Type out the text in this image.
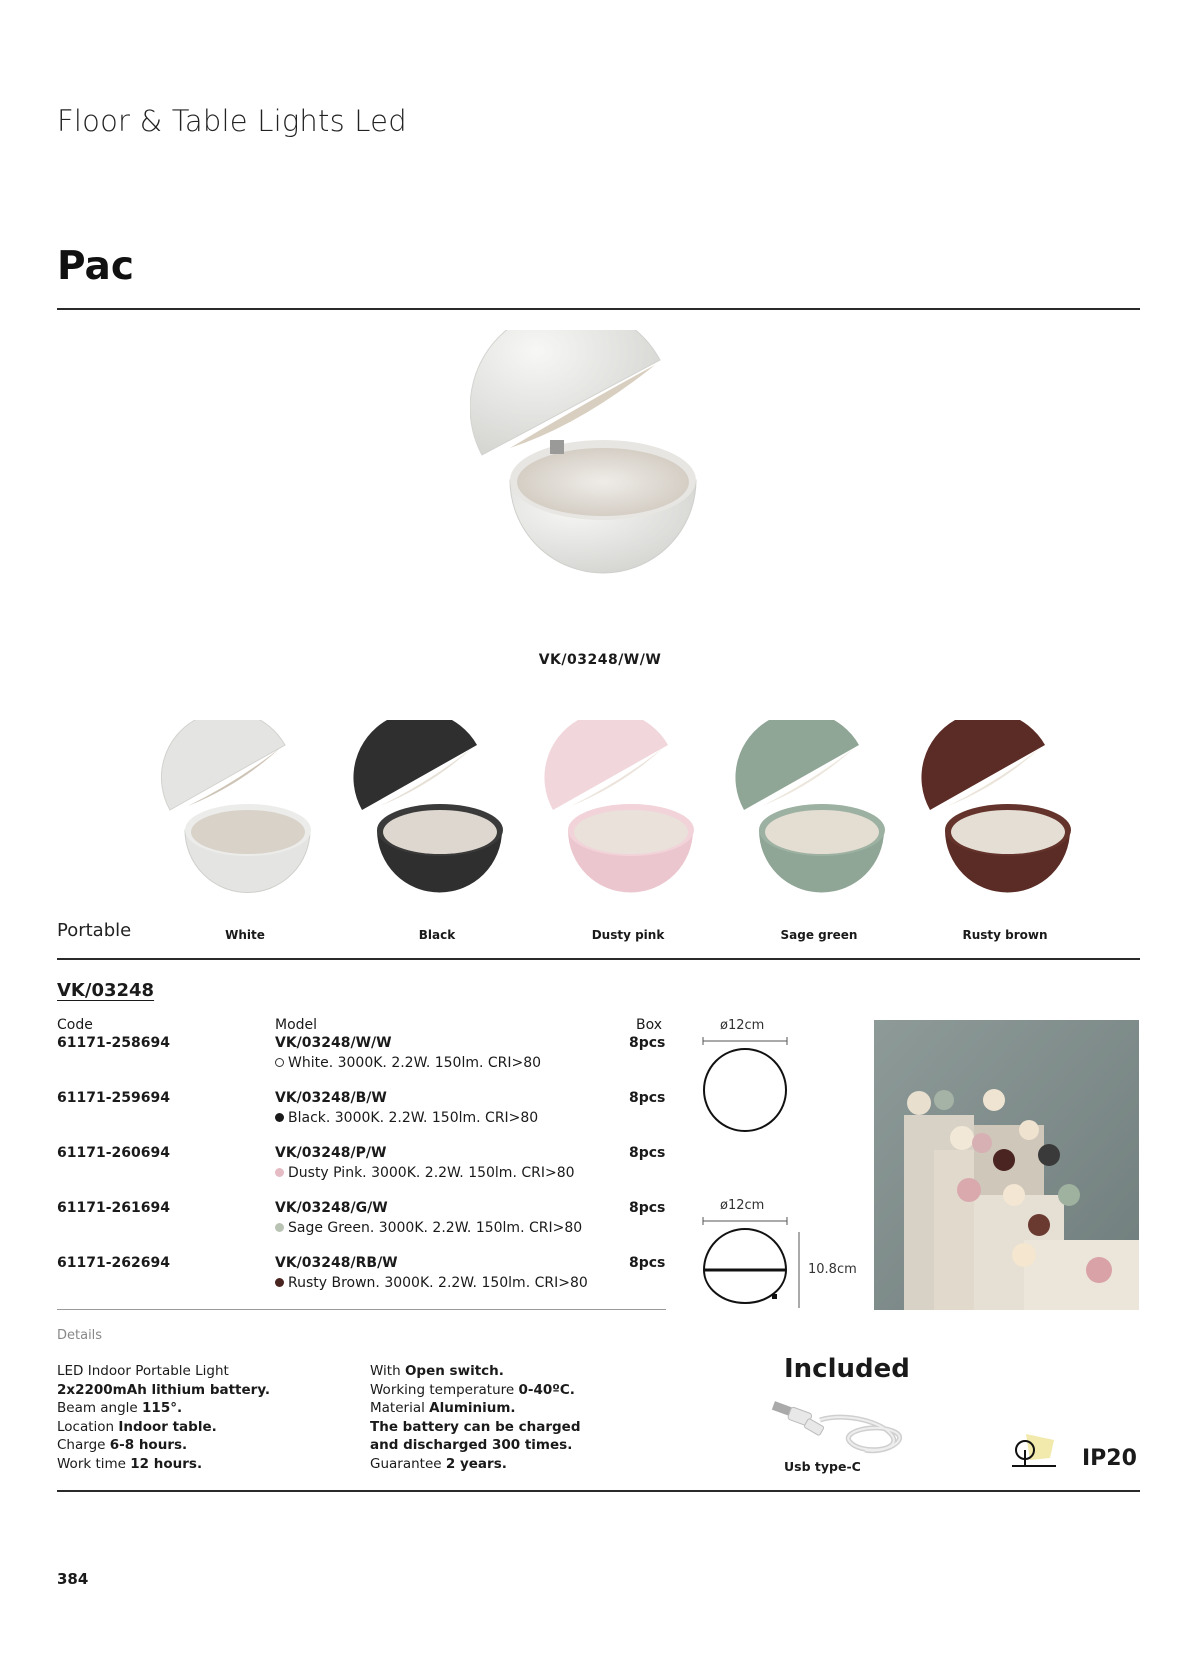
Floor & Table Lights Led
Pac
VK/03248/W/W
White	Black	Dusty pink	Sage green	Rusty brown
Portable
VK/03248
Code	Model	Box
61171-258694	VK/03248/W/W	8pcs
White. 3000K. 2.2W. 150lm. CRI>80
61171-259694	VK/03248/B/W	8pcs
Black. 3000K. 2.2W. 150lm. CRI>80
61171-260694	VK/03248/P/W	8pcs
Dusty Pink. 3000K. 2.2W. 150lm. CRI>80
61171-261694	VK/03248/G/W	8pcs
Sage Green. 3000K. 2.2W. 150lm. CRI>80
61171-262694	VK/03248/RB/W	8pcs
Rusty Brown. 3000K. 2.2W. 150lm. CRI>80
ø12cm
ø12cm
10.8cm
Details
LED Indoor Portable Light
2x2200mAh lithium battery.
Beam angle 115°.
Location Indoor table.
Charge 6-8 hours.
Work time 12 hours.
With Open switch.
Working temperature 0-40ºC.
Material Aluminium.
The battery can be charged
and discharged 300 times.
Guarantee 2 years.
Included
Usb type-C	IP20
384
